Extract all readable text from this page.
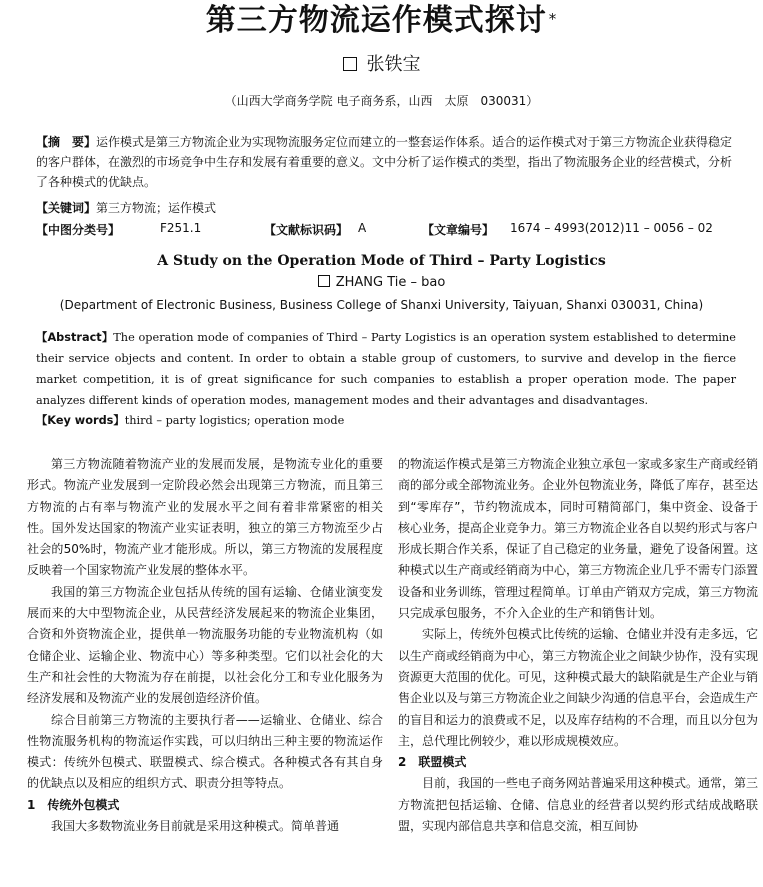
第三方物流运作模式探讨 *
张铁宝
（山西大学商务学院 电子商务系，山西　太原　030031）
【摘　要】运作模式是第三方物流企业为实现物流服务定位而建立的一整套运作体系。适合的运作模式对于第三方物流企业获得稳定的客户群体，在激烈的市场竞争中生存和发展有着重要的意义。文中分析了运作模式的类型，指出了物流服务企业的经营模式，分析了各种模式的优缺点。
【关键词】第三方物流；运作模式
【中图分类号】	F251.1	【文献标识码】 A	【文章编号】 1674 – 4993(2012)11 – 0056 – 02
A Study on the Operation Mode of Third – Party Logistics
ZHANG Tie – bao
(Department of Electronic Business, Business College of Shanxi University, Taiyuan, Shanxi 030031, China)
【Abstract】The operation mode of companies of Third – Party Logistics is an operation system established to determine their service objects and content. In order to obtain a stable group of customers, to survive and develop in the fierce market competition, it is of great significance for such companies to establish a proper operation mode. The paper analyzes different kinds of operation modes, management modes and their advantages and disadvantages.
【Key words】third – party logistics; operation mode

第三方物流随着物流产业的发展而发展，是物流专业化的重要形式。物流产业发展到一定阶段必然会出现第三方物流，而且第三方物流的占有率与物流产业的发展水平之间有着非常紧密的相关性。国外发达国家的物流产业实证表明，独立的第三方物流至少占社会的50%时，物流产业才能形成。所以，第三方物流的发展程度反映着一个国家物流产业发展的整体水平。

我国的第三方物流企业包括从传统的国有运输、仓储业演变发展而来的大中型物流企业，从民营经济发展起来的物流企业集团，合资和外资物流企业，提供单一物流服务功能的专业物流机构（如仓储企业、运输企业、物流中心）等多种类型。它们以社会化的大生产和社会性的大物流为存在前提，以社会化分工和专业化服务为经济发展和及物流产业的发展创造经济价值。

综合目前第三方物流的主要执行者——运输业、仓储业、综合性物流服务机构的物流运作实践，可以归纳出三种主要的物流运作模式：传统外包模式、联盟模式、综合模式。各种模式各有其自身的优缺点以及相应的组织方式、职责分担等特点。

1　传统外包模式

我国大多数物流业务目前就是采用这种模式。简单普通

的物流运作模式是第三方物流企业独立承包一家或多家生产商或经销商的部分或全部物流业务。企业外包物流业务，降低了库存，甚至达到“零库存”，节约物流成本，同时可精简部门，集中资金、设备于核心业务，提高企业竞争力。第三方物流企业各自以契约形式与客户形成长期合作关系，保证了自己稳定的业务量，避免了设备闲置。这种模式以生产商或经销商为中心，第三方物流企业几乎不需专门添置设备和业务训练，管理过程简单。订单由产销双方完成，第三方物流只完成承包服务，不介入企业的生产和销售计划。

实际上，传统外包模式比传统的运输、仓储业并没有走多远，它以生产商或经销商为中心，第三方物流企业之间缺少协作，没有实现资源更大范围的优化。可见，这种模式最大的缺陷就是生产企业与销售企业以及与第三方物流企业之间缺少沟通的信息平台，会造成生产的盲目和运力的浪费或不足，以及库存结构的不合理，而且以分包为主，总代理比例较少，难以形成规模效应。

2　联盟模式

目前，我国的一些电子商务网站普遍采用这种模式。通常，第三方物流把包括运输、仓储、信息业的经营者以契约形式结成战略联盟，实现内部信息共享和信息交流，相互间协
